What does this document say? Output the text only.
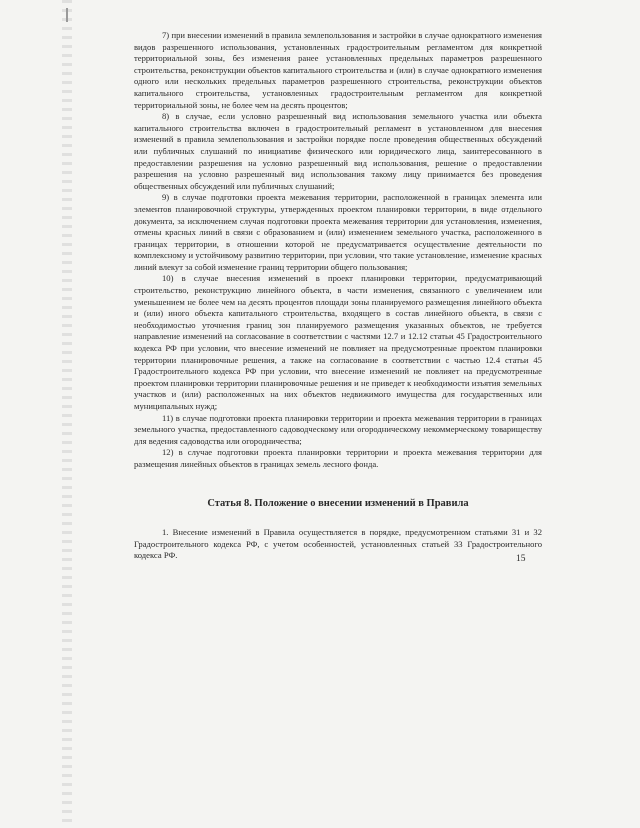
7) при внесении изменений в правила землепользования и застройки в случае однократного изменения видов разрешенного использования, установленных градостроительным регламентом для конкретной территориальной зоны, без изменения ранее установленных предельных параметров разрешенного строительства, реконструкции объектов капитального строительства и (или) в случае однократного изменения одного или нескольких предельных параметров разрешенного строительства, реконструкции объектов капитального строительства, установленных градостроительным регламентом для конкретной территориальной зоны, не более чем на десять процентов;

8) в случае, если условно разрешенный вид использования земельного участка или объекта капитального строительства включен в градостроительный регламент в установленном для внесения изменений в правила землепользования и застройки порядке после проведения общественных обсуждений или публичных слушаний по инициативе физического или юридического лица, заинтересованного в предоставлении разрешения на условно разрешенный вид использования, решение о предоставлении разрешения на условно разрешенный вид использования такому лицу принимается без проведения общественных обсуждений или публичных слушаний;

9) в случае подготовки проекта межевания территории, расположенной в границах элемента или элементов планировочной структуры, утвержденных проектом планировки территории, в виде отдельного документа, за исключением случая подготовки проекта межевания территории для установления, изменения, отмены красных линий в связи с образованием и (или) изменением земельного участка, расположенного в границах территории, в отношении которой не предусматривается осуществление деятельности по комплексному и устойчивому развитию территории, при условии, что такие установление, изменение красных линий влекут за собой изменение границ территории общего пользования;

10) в случае внесения изменений в проект планировки территории, предусматривающий строительство, реконструкцию линейного объекта, в части изменения, связанного с увеличением или уменьшением не более чем на десять процентов площади зоны планируемого размещения линейного объекта и (или) иного объекта капитального строительства, входящего в состав линейного объекта, в связи с необходимостью уточнения границ зон планируемого размещения указанных объектов, не требуется направление изменений на согласование в соответствии с частями 12.7 и 12.12 статьи 45 Градостроительного кодекса РФ при условии, что внесение изменений не повлияет на предусмотренные проектом планировки территории планировочные решения, а также на согласование в соответствии с частью 12.4 статьи 45 Градостроительного кодекса РФ при условии, что внесение изменений не повлияет на предусмотренные проектом планировки территории планировочные решения и не приведет к необходимости изъятия земельных участков и (или) расположенных на них объектов недвижимого имущества для государственных или муниципальных нужд;

11) в случае подготовки проекта планировки территории и проекта межевания территории в границах земельного участка, предоставленного садоводческому или огородническому некоммерческому товариществу для ведения садоводства или огородничества;

12) в случае подготовки проекта планировки территории и проекта межевания территории для размещения линейных объектов в границах земель лесного фонда.

Статья 8. Положение о внесении изменений в Правила

1. Внесение изменений в Правила осуществляется в порядке, предусмотренном статьями 31 и 32 Градостроительного кодекса РФ, с учетом особенностей, установленных статьей 33 Градостроительного кодекса РФ.	15
